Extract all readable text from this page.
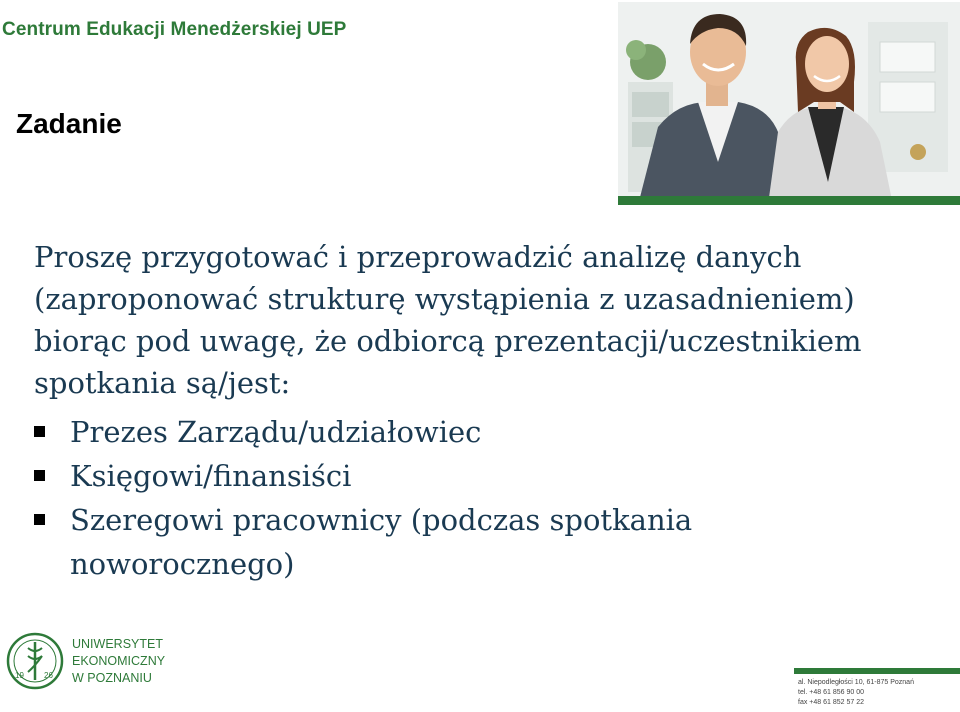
Centrum Edukacji Menedżerskiej UEP
Zadanie

Proszę przygotować i przeprowadzić analizę danych (zaproponować strukturę wystąpienia z uzasadnieniem) biorąc pod uwagę, że odbiorcą prezentacji/uczestnikiem spotkania są/jest:

Prezes Zarządu/udziałowiec
Księgowi/finansiści
Szeregowi pracownicy (podczas spotkania noworocznego)
19	26
UNIWERSYTET
EKONOMICZNY
W POZNANIU	al. Niepodległości 10, 61-875 Poznań
tel. +48 61 856 90 00
fax +48 61 852 57 22
